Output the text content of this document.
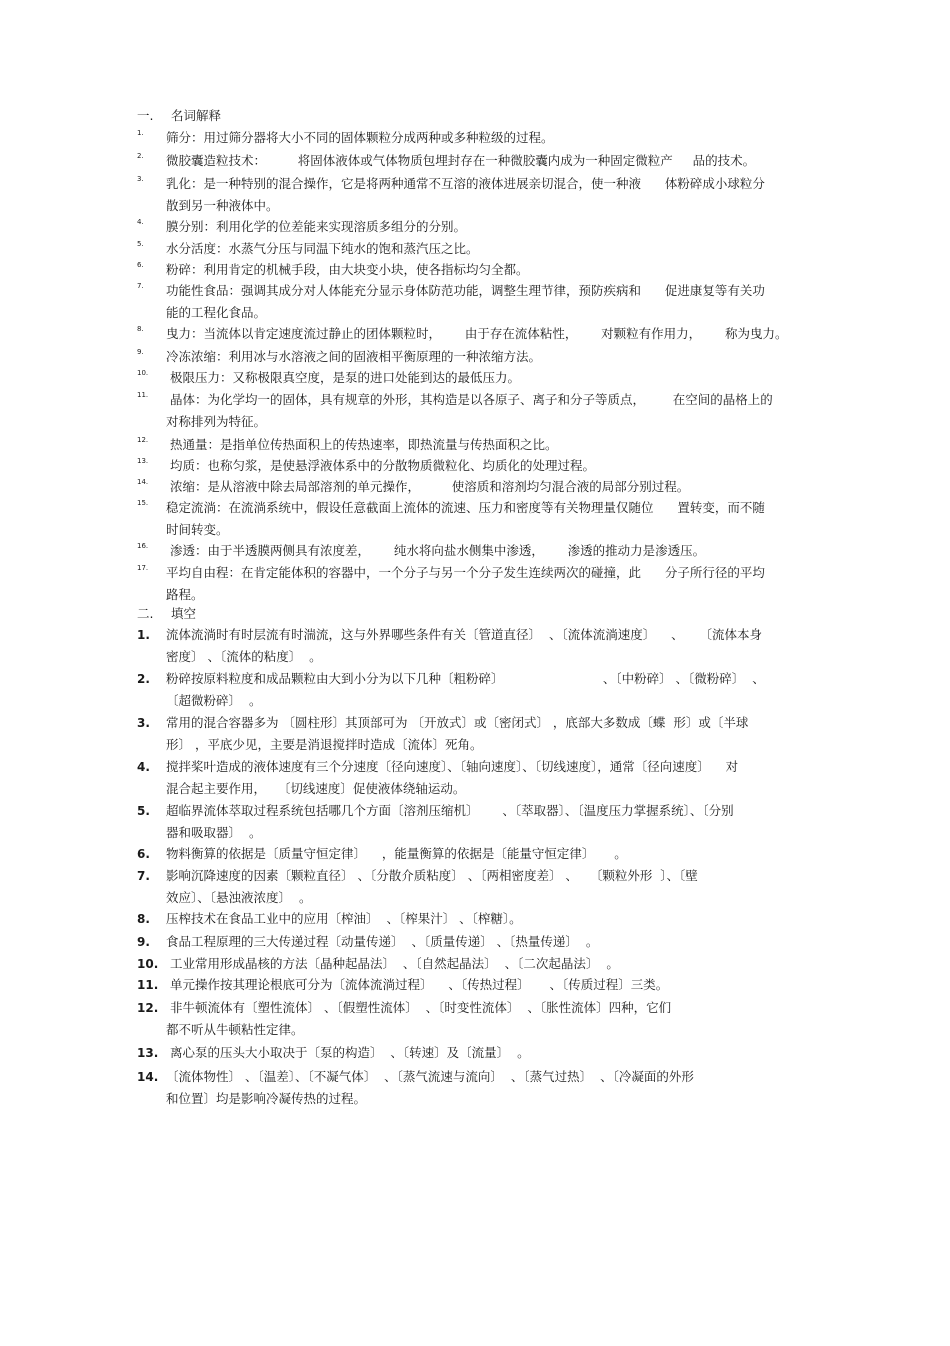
一. 名词解释
1. 筛分：用过筛分器将大小不同的固体颗粒分成两种或多种粒级的过程。
2. 微胶囊造粒技术：        将固体液体或气体物质包埋封存在一种微胶囊内成为一种固定微粒产     品的技术。
3. 乳化：是一种特别的混合操作，它是将两种通常不互溶的液体进展亲切混合，使一种液      体粉碎成小球粒分
散到另一种液体中。
4. 膜分别：利用化学的位差能来实现溶质多组分的分别。
5. 水分活度：水蒸气分压与同温下纯水的饱和蒸汽压之比。
6. 粉碎：利用肯定的机械手段，由大块变小块，使各指标均匀全都。
7. 功能性食品：强调其成分对人体能充分显示身体防范功能，调整生理节律，预防疾病和      促进康复等有关功
能的工程化食品。
8. 曳力：当流体以肯定速度流过静止的团体颗粒时，      由于存在流体粘性，      对颗粒有作用力，      称为曳力。
9. 冷冻浓缩：利用冰与水溶液之间的固液相平衡原理的一种浓缩方法。
10. 极限压力：又称极限真空度，是泵的进口处能到达的最低压力。
11. 晶体：为化学均一的固体，具有规章的外形，其构造是以各原子、离子和分子等质点，       在空间的晶格上的
对称排列为特征。
12. 热通量：是指单位传热面积上的传热速率，即热流量与传热面积之比。
13. 均质：也称匀浆，是使悬浮液体系中的分散物质微粒化、均质化的处理过程。
14. 浓缩：是从溶液中除去局部溶剂的单元操作，        使溶质和溶剂均匀混合液的局部分别过程。
15. 稳定流淌：在流淌系统中，假设任意截面上流体的流速、压力和密度等有关物理量仅随位      置转变，而不随
时间转变。
16. 渗透：由于半透膜两侧具有浓度差，      纯水将向盐水侧集中渗透，      渗透的推动力是渗透压。
17. 平均自由程：在肯定能体积的容器中，一个分子与另一个分子发生连续两次的碰撞，此      分子所行径的平均
路程。
二. 填空
1. 流体流淌时有时层流有时湍流，这与外界哪些条件有关〔管道直径〕  、〔流体流淌速度〕    、    〔流体本身
密度〕 、〔流体的粘度〕  。
2. 粉碎按原料粒度和成品颗粒由大到小分为以下几种〔粗粉碎〕                         、〔中粉碎〕 、〔微粉碎〕  、
〔超微粉碎〕  。
3. 常用的混合容器多为 〔圆柱形〕其顶部可为 〔开放式〕或〔密闭式〕 ，底部大多数成〔蝶  形〕或〔半球
形〕 ，平底少见，主要是消退搅拌时造成〔流体〕死角。
4. 搅拌桨叶造成的液体速度有三个分速度〔径向速度〕、〔轴向速度〕、〔切线速度〕，通常〔径向速度〕    对
混合起主要作用，   〔切线速度〕促使液体绕轴运动。
5. 超临界流体萃取过程系统包括哪几个方面〔溶剂压缩机〕      、〔萃取器〕、〔温度压力掌握系统〕、〔分别
器和吸取器〕  。
6. 物料衡算的依据是〔质量守恒定律〕    ，能量衡算的依据是〔能量守恒定律〕     。
7. 影响沉降速度的因素〔颗粒直径〕 、〔分散介质粘度〕 、〔两相密度差〕 、   〔颗粒外形  〕、〔壁
效应〕、〔悬浊液浓度〕  。
8. 压榨技术在食品工业中的应用〔榨油〕  、〔榨果汁〕 、〔榨糖〕。
9. 食品工程原理的三大传递过程〔动量传递〕  、〔质量传递〕 、〔热量传递〕  。
10. 工业常用形成晶核的方法〔晶种起晶法〕  、〔自然起晶法〕  、〔二次起晶法〕  。
11. 单元操作按其理论根底可分为〔流体流淌过程〕    、〔传热过程〕     、〔传质过程〕三类。
12. 非牛顿流体有〔塑性流体〕 、〔假塑性流体〕  、〔时变性流体〕  、〔胀性流体〕四种，它们
都不听从牛顿粘性定律。
13. 离心泵的压头大小取决于〔泵的构造〕  、〔转速〕及〔流量〕  。
14. 〔流体物性〕 、〔温差〕、〔不凝气体〕  、〔蒸气流速与流向〕  、〔蒸气过热〕  、〔冷凝面的外形
和位置〕均是影响冷凝传热的过程。
